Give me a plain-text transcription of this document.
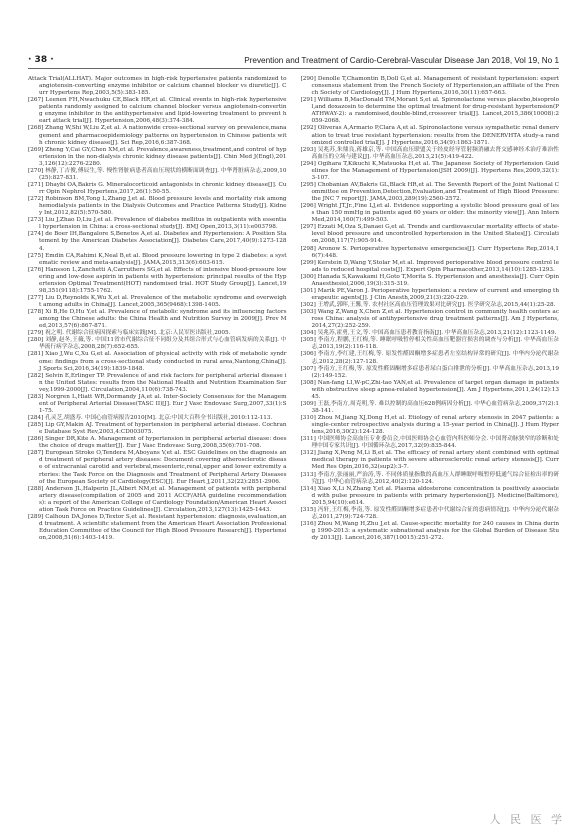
· 38 ·	Prevention and Treatment of Cardio-Cerebral-Vascular Disease Jan 2018, Vol 19, No 1

Attack Trial(ALLHAT). Major outcomes in high-risk hypertensive patients randomized to angiotensin-converting enzyme inhibitor or calcium channel blocker vs diuretic[J]. Curr Hypertens Rep,2003,5(5):383-185.

[267] Leenen FH,Nwachuku CE,Black HR,et al. Clinical events in high-risk hypertensive patients randomly assigned to calcium channel blocker versus angiotensin-converting enzyme inhibitor in the antihypertensive and lipid-lowering treatment to prevent heart attack trial[J]. Hypertension,2006,48(3):374-384.

[268] Zhang W,Shi W,Liu Z,et al. A nationwide cross-sectional survey on prevalence,management and pharmacoepidemiology patterns on hypertension in Chinese patients with chronic kidney disease[J]. Sci Rep,2016,6:387-368.

[269] Zheng Y,Cai GY,Chen XM,et al. Prevalence,awareness,treatment,and control of hypertension in the non-dialysis chronic kidney disease patients[J]. Chin Med J(Engl),2013,126(12):2276-2280.

[270] 林静,丁吉俊,傅辰生,等. 慢性肾脏病患者高血压现状的横断面调查[J]. 中华肾脏病杂志,2009,10(25):827-831.

[271] Dhaybi OA,Bakris G. Mineralocorticoid antagonists in chronic kidney disease[J]. Curr Opin Nephrol Hypertens,2017,26(1):50-55.

[272] Robinson BM,Tong L,Zhang J,et al. Blood pressure levels and mortality risk among hemodialysis patients in the Dialysis Outcomes and Practice Patterns Study[J]. Kidney Int,2012,82(5):570-580.

[273] Liu J,Zhao D,Liu J,et al. Prevalence of diabetes mellitus in outpatients with essential hypertension in China: a cross-sectional study[J]. BMJ Open,2013,3(11):e003798.

[274] de Boer IH,Bangalore S,Benetos A,et al. Diabetes and Hypertension: A Position Statement by the American Diabetes Association[J]. Diabetes Care,2017,40(9):1273-1284.

[275] Emdin CA,Rahimi K,Neal B,et al. Blood pressure lowering in type 2 diabetes: a systematic review and meta-analysis[J]. JAMA,2015,313(6):603-615.

[276] Hansson L,Zanchetti A,Carruthers SG,et al. Effects of intensive blood-pressure lowering and low-dose aspirin in patients with hypertension: principal results of the Hypertension Optimal Treatment(HOT) randomised trial. HOT Study Group[J]. Lancet,1998,351(9118):1755-1762.

[277] Liu D,Reynolds K,Wu X,et al. Prevalence of the metabolic syndrome and overweight among adults in China[J]. Lancet,2005,365(9468):1398-1405.

[278] Xi B,He D,Hu Y,et al. Prevalence of metabolic syndrome and its influencing factors among the Chinese adults: the China Health and Nutrition Survey in 2009[J]. Prev Med,2013,57(6):867-871.

[279] 祝之明. 代谢综合征病因探索与临床实践[M]. 北京:人民军医出版社,2005.

[280] 刘静,赵冬,王薇,等. 中国11省市代谢综合征不同组分及其组合形式与心血管病发病的关系[J]. 中华流行病学杂志,2008,28(7):652-655.

[281] Xiao J,Wu C,Xu G,et al. Association of physical activity with risk of metabolic syndrome: findings from a cross-sectional study conducted in rural area,Nantong,China[J]. J Sports Sci,2016,34(19):1839-1848.

[282] Selvin E,Erlinger TP. Prevalence of and risk factors for peripheral arterial disease in the United States: results from the National Health and Nutrition Examination Survey,1999-2000[J]. Circulation,2004,110(6):738-743.

[283] Norgren L,Hiatt WR,Dormandy JA,et al. Inter-Society Consensus for the Management of Peripheral Arterial Disease(TASC II)[J]. Eur J Vasc Endovasc Surg,2007,33(1):S1-75.

[284] 孔灵芝,胡盛寿. 中国心血管病报告2010[M]. 北京:中国大百科全书出版社,2010:112-113.

[285] Lip GY,Makin AJ. Treatment of hypertension in peripheral arterial disease. Cochrane Database Syst Rev,2003,4:CD003075.

[286] Singer DR,Kite A. Management of hypertension in peripheral arterial disease: does the choice of drugs matter[J]. Eur J Vasc Endovasc Surg,2008,35(6):701-708.

[287] European Stroke O,Tendera M,Aboyans V,et al. ESC Guidelines on the diagnosis and treatment of peripheral artery diseases: Document covering atherosclerotic disease of extracranial carotid and vertebral,mesenteric,renal,upper and lower extremity arteries: the Task Force on the Diagnosis and Treatment of Peripheral Artery Diseases of the European Society of Cardiology(ESC)[J]. Eur Heart J,2011,32(22):2851-2906.

[288] Anderson JL,Halperin JL,Albert NM,et al. Management of patients with peripheral artery disease(compilation of 2005 and 2011 ACCF/AHA guideline recommendations): a report of the American College of Cardiology Foundation/American Heart Association Task Force on Practice Guidelines[J]. Circulation,2013,127(13):1425-1443.

[289] Calhoun DA,Jones D,Textor S,et al. Resistant hypertension: diagnosis,evaluation,and treatment. A scientific statement from the American Heart Association Professional Education Committee of the Council for High Blood Pressure Research[J]. Hypertension,2008,51(6):1403-1419.

[290] Denolle T,Chamontin B,Doll G,et al. Management of resistant hypertension: expert consensus statement from the French Society of Hypertension,an affiliate of the French Society of Cardiology[J]. J Hum Hypertens,2016,30(11):657-663.

[291] Williams B,MacDonald TM,Morant S,et al. Spironolactone versus placebo,bisoprolol,and doxazosin to determine the optimal treatment for drug-resistant hypertension(PATHWAY-2): a randomised,double-blind,crossover trial[J]. Lancet,2015,386(10008):2059-2068.

[292] Oliveras A,Armario P,Clara A,et al. Spironolactone versus sympathetic renal denervation to treat true resistant hypertension: results from the DENERVHTA study-a randomized controlled trial[J]. J Hypertens,2016,34(9):1863-1871.

[293] 吴兆苏,朱鼎良,蒋雄京,等. 中国高血压联盟关于经皮经导管射频消融去肾交感神经术治疗难治性高血压的立场与建议[J]. 中华高血压杂志,2013,21(5):419-422.

[294] Ogihara T,Kikuchi K,Matsuoka H,et al. The Japanese Society of Hypertension Guidelines for the Management of Hypertension(JSH 2009)[J]. Hypertens Res,2009,32(1):3-107.

[295] Chobanian AV,Bakris GL,Black HR,et al. The Seventh Report of the Joint National Committee on Prevention,Detection,Evaluation,and Treatment of High Blood Pressure: the JNC 7 report[J]. JAMA,2003,289(19):2560-2572.

[296] Wright JT,Jr.,Fine LJ,et al. Evidence supporting a systolic blood pressure goal of less than 150 mmHg in patients aged 60 years or older: the minority view[J]. Ann Intern Med,2014,160(7):499-503.

[297] Ezzati M,Oza S,Danaei G,et al. Trends and cardiovascular mortality effects of state-level blood pressure and uncontrolled hypertension in the United States[J]. Circulation,2008,117(7):905-914.

[298] Aronow S. Perioperative hypertensive emergencies[J]. Curr Hypertens Rep,2014,16(7):448.

[299] Kerstein D,Wang Y,Stolar M,et al. Improved perioperative blood pressure control leads to reduced hospital costs[J]. Expert Opin Pharmacother,2013,14(10):1285-1293.

[300] Hanada S,Kawakami H,Goto T,Morita S. Hypertension and anesthesia[J]. Curr Opin Anaesthesiol,2006,19(3):315-319.

[301] Marik PE,Varon J. Perioperative hypertension: a review of current and emerging therapeutic agents[J]. J Clin Anesth,2009,21(3):220-229.

[302] 王增武,郭晖,王馨,等. 农村社区高血压管理效果对比研究[J]. 医学研究杂志,2015,44(1):25-28.

[303] Wang Z,Wang X,Chen Z,et al. Hypertension control in community health centers across China: analysis of antihypertensive drug treatment patterns[J]. Am J Hypertens,2014,27(2):252-259.

[304] 吴兆苏,霍勇,王文,等. 中国高血压患者教育指南[J]. 中华高血压杂志,2013,21(12):1123-1149.

[305] 李南方,程鹏,王红梅,等. 睡眠呼吸暂停相关性高血压靶器官损害的调查与分析[J]. 中华高血压杂志,2013,19(2):116-118.

[306] 李南方,李红建,王红梅,等. 原发性醛固酮增多症患者左室结构异常的研究[J]. 中华内分泌代谢杂志,2012,28(2):127-128.

[307] 李南方,王红梅,等. 原发性醛固酮增多症患者尿白蛋白排泄的分析[J]. 中华高血压杂志,2013,19(2):149-152.

[308] Nan-fang LI,W-pC,Zhi-tao YAN,et al. Prevalence of target organ damage in patients with obstructive sleep apnea-related hypertension[J]. Am J Hypertens,2011,24(12):1345.

[309] 王磊,李南方,周克明,等. 难以控制的高血压628例病因分析[J]. 中华心血管病杂志,2009,37(2):138-141.

[310] Zhou M,Jiang XJ,Dong H,et al. Etiology of renal artery stenosis in 2047 patients: a single-center retrospective analysis during a 15-year period in China[J]. J Hum Hypertens,2016,30(2):124-128.

[311] 中国医师协会高血压专业委员会,中国医师协会心血管内科医师分会. 中国肾动脉狭窄的诊断和处理中国专家共识[J]. 中国循环杂志,2017,32(9):835-844.

[312] Jiang X,Peng M,Li B,et al. The efficacy of renal artery stent combined with optimal medical therapy in patients with severe atherosclerotic renal artery stenosis[J]. Curr Med Res Opin,2016,32(sup2):3-7.

[313] 李南方,张丽丽,严治涛,等. 不同体质量指数的高血压人群睡眠呼吸暂停低通气综合征检出率的研究[J]. 中华心血管病杂志,2012,40(2):120-124.

[314] Xiao X,Li N,Zhang Y,et al. Plasma aldosterone concentration is positively associated with pulse pressure in patients with primary hypertension[J]. Medicine(Baltimore),2015,94(10):e614.

[315] 冯轩,王红梅,李南,等. 原发性醛固酮增多症患者中代谢综合征的患病情况[J]. 中华内分泌代谢杂志,2011,27(9):724-728.

[316] Zhou M,Wang H,Zhu J,et al. Cause-specific mortality for 240 causes in China during 1990-2013: a systematic subnational analysis for the Global Burden of Disease Study 2013[J]. Lancet,2016,387(10015):251-272.

人 民 医 学
